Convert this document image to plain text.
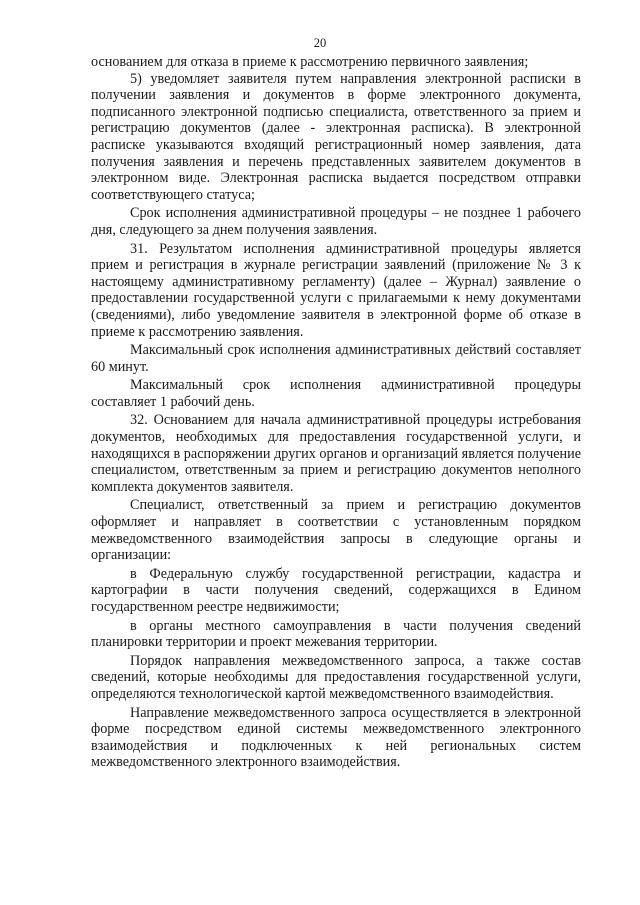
20

основанием для отказа в приеме к рассмотрению первичного заявления;

5) уведомляет заявителя путем направления электронной расписки в получении заявления и документов в форме электронного документа, подписанного электронной подписью специалиста, ответственного за прием и регистрацию документов (далее - электронная расписка). В электронной расписке указываются входящий регистрационный номер заявления, дата получения заявления и перечень представленных заявителем документов в электронном виде. Электронная расписка выдается посредством отправки соответствующего статуса;

Срок исполнения административной процедуры – не позднее 1 рабочего дня, следующего за днем получения заявления.

31. Результатом исполнения административной процедуры является прием и регистрация в журнале регистрации заявлений (приложение № 3 к настоящему административному регламенту) (далее – Журнал) заявление о предоставлении государственной услуги с прилагаемыми к нему документами (сведениями), либо уведомление заявителя в электронной форме об отказе в приеме к рассмотрению заявления.

Максимальный срок исполнения административных действий составляет 60 минут.

Максимальный срок исполнения административной процедуры составляет 1 рабочий день.

32. Основанием для начала административной процедуры истребования документов, необходимых для предоставления государственной услуги, и находящихся в распоряжении других органов и организаций является получение специалистом, ответственным за прием и регистрацию документов неполного комплекта документов заявителя.

Специалист, ответственный за прием и регистрацию документов оформляет и направляет в соответствии с установленным порядком межведомственного взаимодействия запросы в следующие органы и организации:

в Федеральную службу государственной регистрации, кадастра и картографии в части получения сведений, содержащихся в Едином государственном реестре недвижимости;

в органы местного самоуправления в части получения сведений планировки территории и проект межевания территории.

Порядок направления межведомственного запроса, а также состав сведений, которые необходимы для предоставления государственной услуги, определяются технологической картой межведомственного взаимодействия.

Направление межведомственного запроса осуществляется в электронной форме посредством единой системы межведомственного электронного взаимодействия и подключенных к ней региональных систем межведомственного электронного взаимодействия.
